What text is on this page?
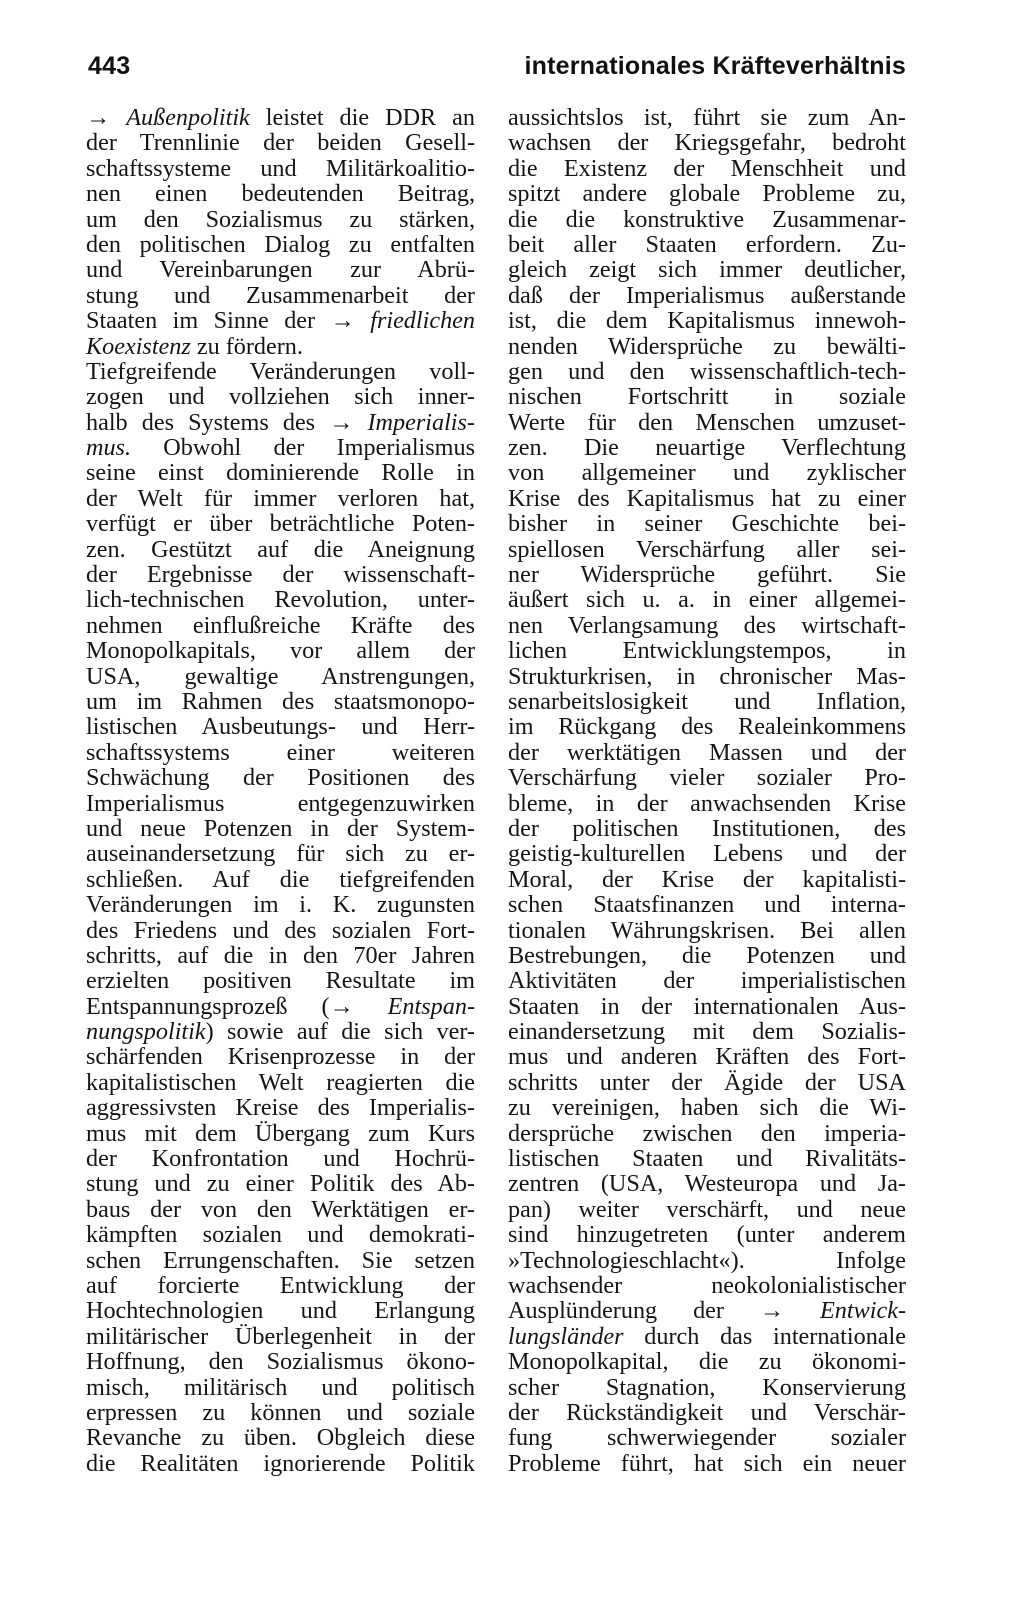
443	internationales Kräfteverhältnis
→ Außenpolitik leistet die DDR an
der Trennlinie der beiden Gesell-
schaftssysteme und Militärkoalitio-
nen einen bedeutenden Beitrag,
um den Sozialismus zu stärken,
den politischen Dialog zu entfalten
und Vereinbarungen zur Abrü-
stung und Zusammenarbeit der
Staaten im Sinne der → friedlichen
Koexistenz zu fördern.
Tiefgreifende Veränderungen voll-
zogen und vollziehen sich inner-
halb des Systems des → Imperialis-
mus. Obwohl der Imperialismus
seine einst dominierende Rolle in
der Welt für immer verloren hat,
verfügt er über beträchtliche Poten-
zen. Gestützt auf die Aneignung
der Ergebnisse der wissenschaft-
lich-technischen Revolution, unter-
nehmen einflußreiche Kräfte des
Monopolkapitals, vor allem der
USA, gewaltige Anstrengungen,
um im Rahmen des staatsmonopo-
listischen Ausbeutungs- und Herr-
schaftssystems einer weiteren
Schwächung der Positionen des
Imperialismus entgegenzuwirken
und neue Potenzen in der System-
auseinandersetzung für sich zu er-
schließen. Auf die tiefgreifenden
Veränderungen im i. K. zugunsten
des Friedens und des sozialen Fort-
schritts, auf die in den 70er Jahren
erzielten positiven Resultate im
Entspannungsprozeß (→ Entspan-
nungspolitik) sowie auf die sich ver-
schärfenden Krisenprozesse in der
kapitalistischen Welt reagierten die
aggressivsten Kreise des Imperialis-
mus mit dem Übergang zum Kurs
der Konfrontation und Hochrü-
stung und zu einer Politik des Ab-
baus der von den Werktätigen er-
kämpften sozialen und demokrati-
schen Errungenschaften. Sie setzen
auf forcierte Entwicklung der
Hochtechnologien und Erlangung
militärischer Überlegenheit in der
Hoffnung, den Sozialismus ökono-
misch, militärisch und politisch
erpressen zu können und soziale
Revanche zu üben. Obgleich diese
die Realitäten ignorierende Politik
aussichtslos ist, führt sie zum An-
wachsen der Kriegsgefahr, bedroht
die Existenz der Menschheit und
spitzt andere globale Probleme zu,
die die konstruktive Zusammenar-
beit aller Staaten erfordern. Zu-
gleich zeigt sich immer deutlicher,
daß der Imperialismus außerstande
ist, die dem Kapitalismus innewoh-
nenden Widersprüche zu bewälti-
gen und den wissenschaftlich-tech-
nischen Fortschritt in soziale
Werte für den Menschen umzuset-
zen. Die neuartige Verflechtung
von allgemeiner und zyklischer
Krise des Kapitalismus hat zu einer
bisher in seiner Geschichte bei-
spiellosen Verschärfung aller sei-
ner Widersprüche geführt. Sie
äußert sich u. a. in einer allgemei-
nen Verlangsamung des wirtschaft-
lichen Entwicklungstempos, in
Strukturkrisen, in chronischer Mas-
senarbeitslosigkeit und Inflation,
im Rückgang des Realeinkommens
der werktätigen Massen und der
Verschärfung vieler sozialer Pro-
bleme, in der anwachsenden Krise
der politischen Institutionen, des
geistig-kulturellen Lebens und der
Moral, der Krise der kapitalisti-
schen Staatsfinanzen und interna-
tionalen Währungskrisen. Bei allen
Bestrebungen, die Potenzen und
Aktivitäten der imperialistischen
Staaten in der internationalen Aus-
einandersetzung mit dem Sozialis-
mus und anderen Kräften des Fort-
schritts unter der Ägide der USA
zu vereinigen, haben sich die Wi-
dersprüche zwischen den imperia-
listischen Staaten und Rivalitäts-
zentren (USA, Westeuropa und Ja-
pan) weiter verschärft, und neue
sind hinzugetreten (unter anderem
»Technologieschlacht«). Infolge
wachsender neokolonialistischer
Ausplünderung der → Entwick-
lungsländer durch das internationale
Monopolkapital, die zu ökonomi-
scher Stagnation, Konservierung
der Rückständigkeit und Verschär-
fung schwerwiegender sozialer
Probleme führt, hat sich ein neuer
